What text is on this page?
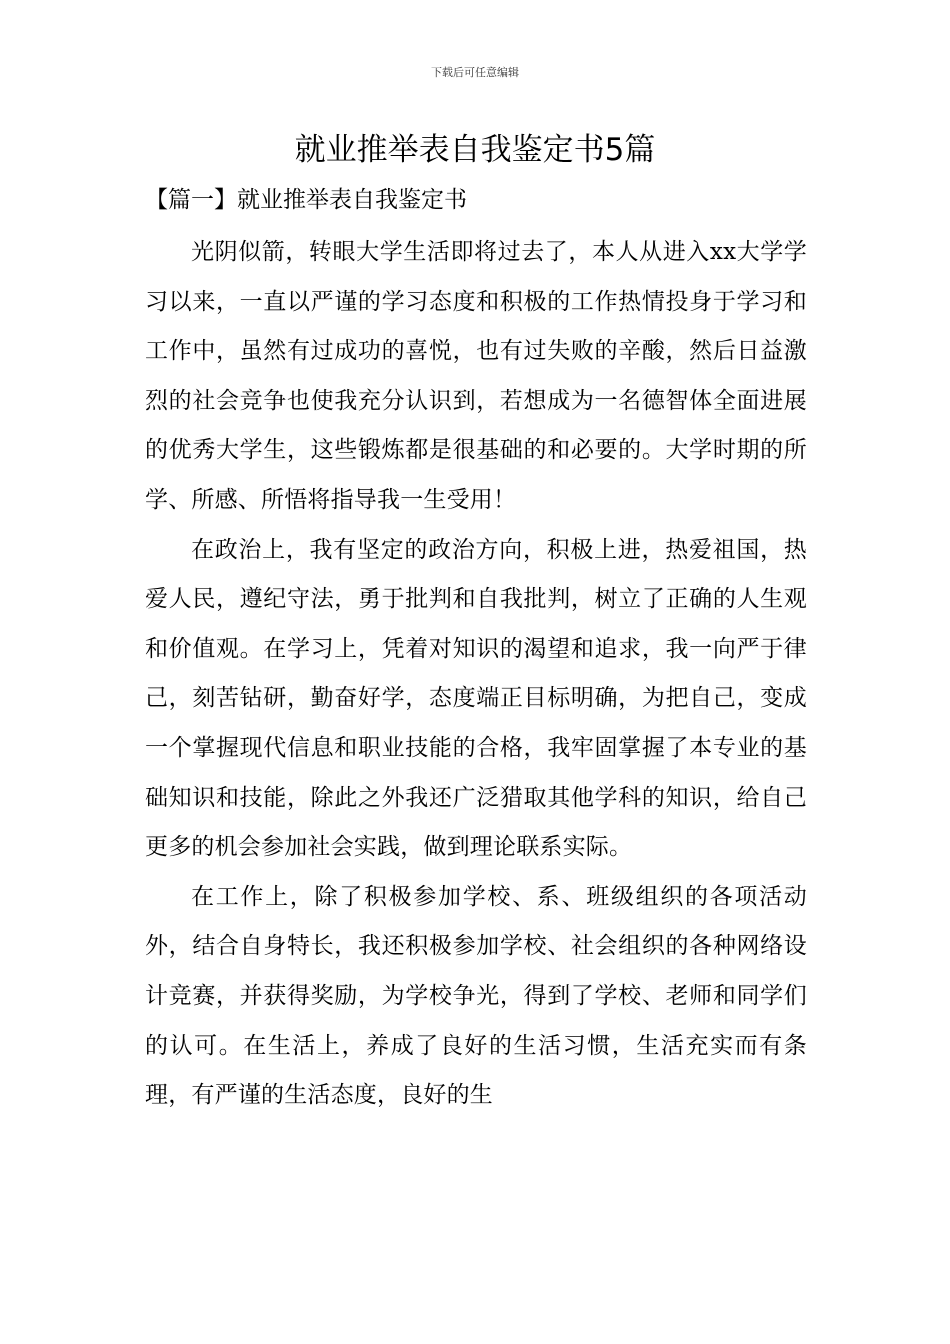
下载后可任意编辑
就业推举表自我鉴定书5篇
【篇一】就业推举表自我鉴定书

光阴似箭，转眼大学生活即将过去了，本人从进入xx大学学习以来，一直以严谨的学习态度和积极的工作热情投身于学习和工作中，虽然有过成功的喜悦，也有过失败的辛酸，然后日益激烈的社会竞争也使我充分认识到，若想成为一名德智体全面进展的优秀大学生，这些锻炼都是很基础的和必要的。大学时期的所学、所感、所悟将指导我一生受用！

在政治上，我有坚定的政治方向，积极上进，热爱祖国，热爱人民，遵纪守法，勇于批判和自我批判，树立了正确的人生观和价值观。在学习上，凭着对知识的渴望和追求，我一向严于律己，刻苦钻研，勤奋好学，态度端正目标明确，为把自己，变成一个掌握现代信息和职业技能的合格，我牢固掌握了本专业的基础知识和技能，除此之外我还广泛猎取其他学科的知识，给自己更多的机会参加社会实践，做到理论联系实际。

在工作上，除了积极参加学校、系、班级组织的各项活动外，结合自身特长，我还积极参加学校、社会组织的各种网络设计竞赛，并获得奖励，为学校争光，得到了学校、老师和同学们的认可。在生活上，养成了良好的生活习惯，生活充实而有条理，有严谨的生活态度，良好的生
